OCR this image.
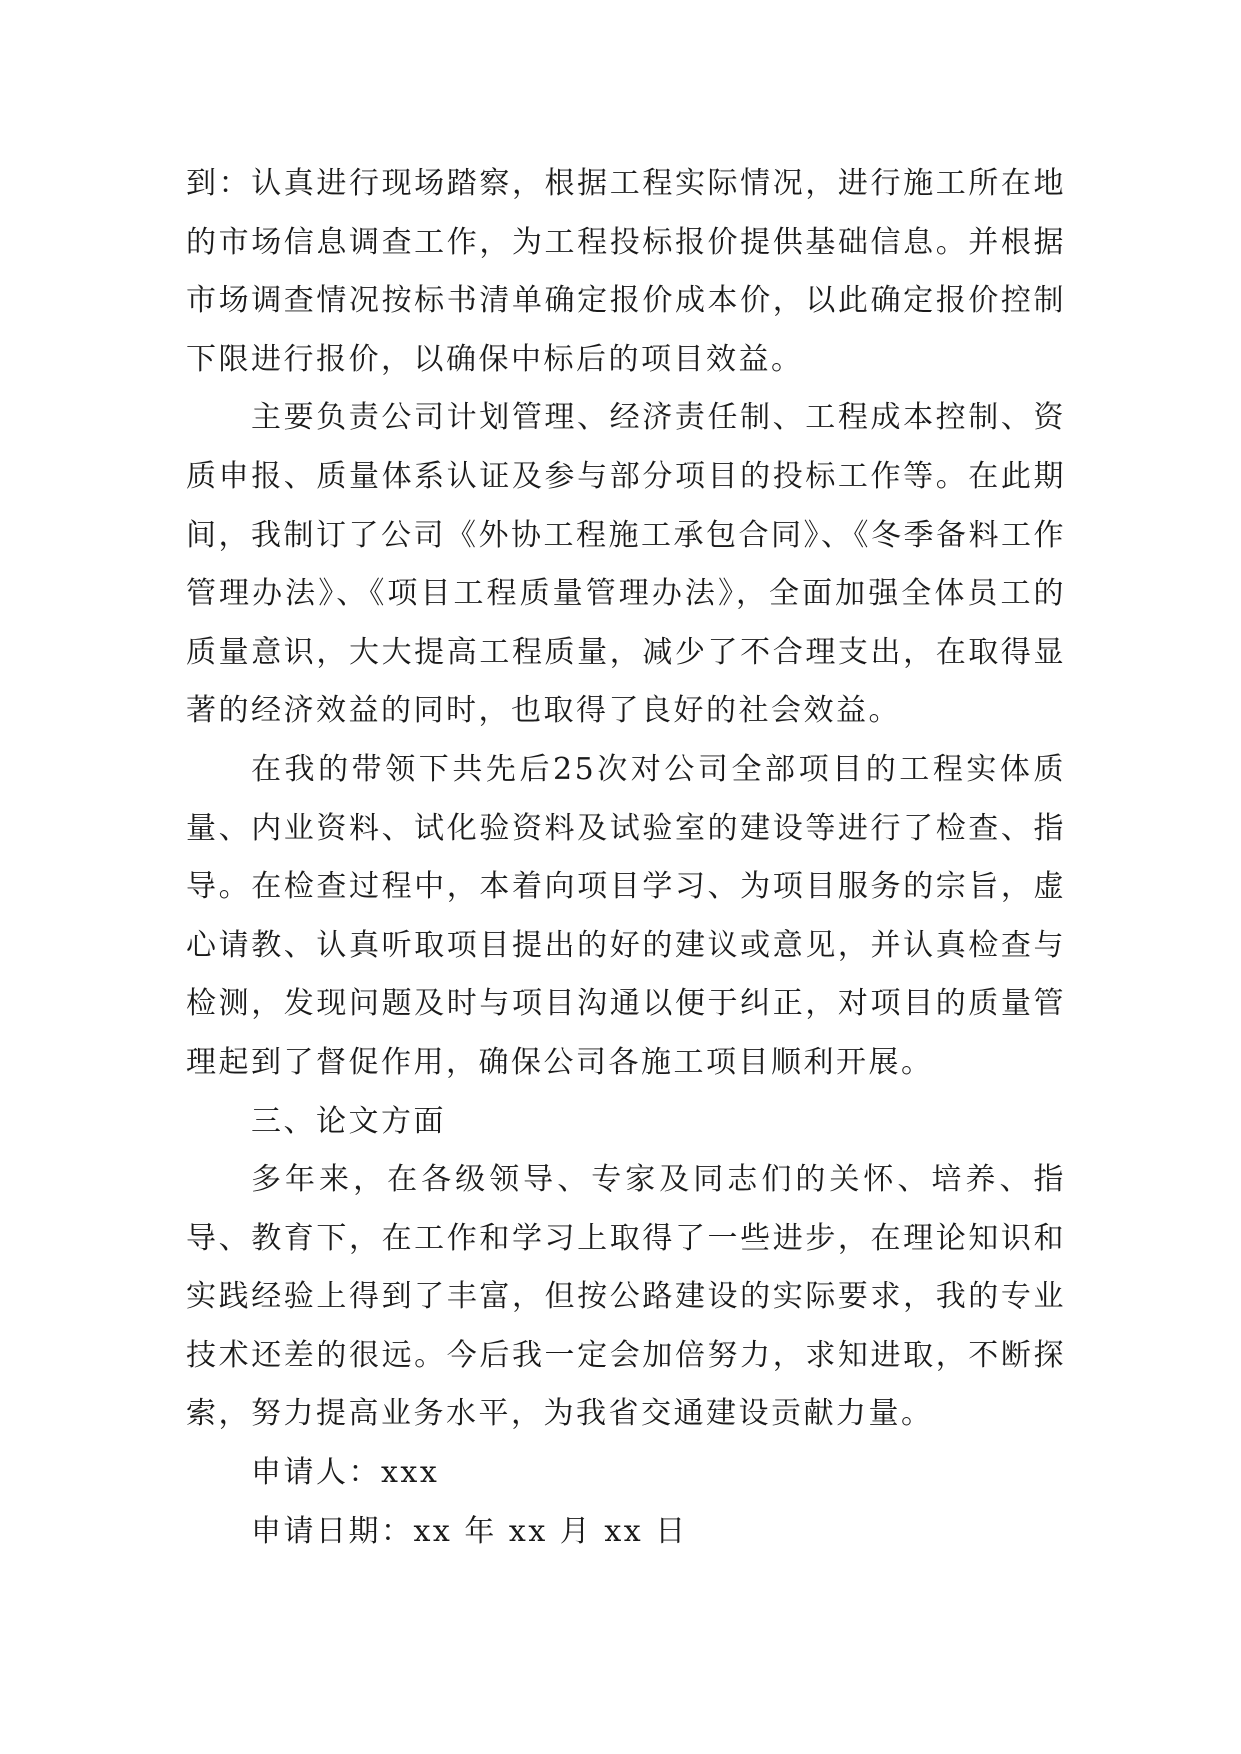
到：认真进行现场踏察，根据工程实际情况，进行施工所在地的市场信息调查工作，为工程投标报价提供基础信息。并根据市场调查情况按标书清单确定报价成本价，以此确定报价控制下限进行报价，以确保中标后的项目效益。

主要负责公司计划管理、经济责任制、工程成本控制、资质申报、质量体系认证及参与部分项目的投标工作等。在此期间，我制订了公司《外协工程施工承包合同》、《冬季备料工作管理办法》、《项目工程质量管理办法》，全面加强全体员工的质量意识，大大提高工程质量，减少了不合理支出，在取得显著的经济效益的同时，也取得了良好的社会效益。

在我的带领下共先后25次对公司全部项目的工程实体质量、内业资料、试化验资料及试验室的建设等进行了检查、指导。在检查过程中，本着向项目学习、为项目服务的宗旨，虚心请教、认真听取项目提出的好的建议或意见，并认真检查与检测，发现问题及时与项目沟通以便于纠正，对项目的质量管理起到了督促作用，确保公司各施工项目顺利开展。

三、论文方面

多年来，在各级领导、专家及同志们的关怀、培养、指导、教育下，在工作和学习上取得了一些进步，在理论知识和实践经验上得到了丰富，但按公路建设的实际要求，我的专业技术还差的很远。今后我一定会加倍努力，求知进取，不断探索，努力提高业务水平，为我省交通建设贡献力量。

申请人：xxx

申请日期：xx 年 xx 月 xx 日
